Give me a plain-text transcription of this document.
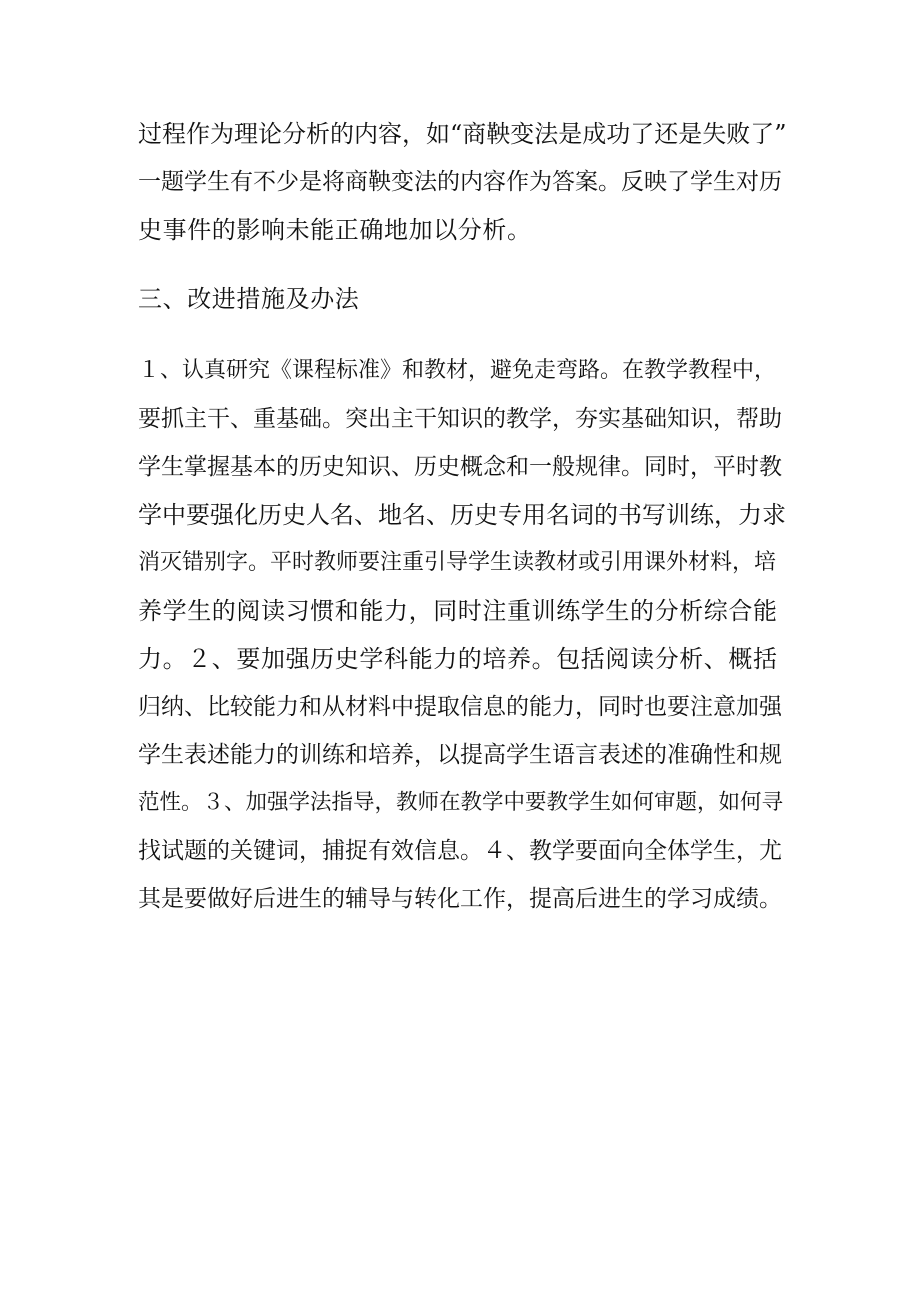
过程作为理论分析的内容，如“商鞅变法是成功了还是失败了”
一题学生有不少是将商鞅变法的内容作为答案。反映了学生对历
史事件的影响未能正确地加以分析。
三、改进措施及办法
１、认真研究《课程标准》和教材，避免走弯路。在教学教程中，
要抓主干、重基础。突出主干知识的教学，夯实基础知识，帮助
学生掌握基本的历史知识、历史概念和一般规律。同时，平时教
学中要强化历史人名、地名、历史专用名词的书写训练，力求
消灭错别字。平时教师要注重引导学生读教材或引用课外材料，培
养学生的阅读习惯和能力，同时注重训练学生的分析综合能
力。２、要加强历史学科能力的培养。包括阅读分析、概括
归纳、比较能力和从材料中提取信息的能力，同时也要注意加强
学生表述能力的训练和培养，以提高学生语言表述的准确性和规
范性。３、加强学法指导，教师在教学中要教学生如何审题，如何寻
找试题的关键词，捕捉有效信息。４、教学要面向全体学生，尤
其是要做好后进生的辅导与转化工作，提高后进生的学习成绩。
